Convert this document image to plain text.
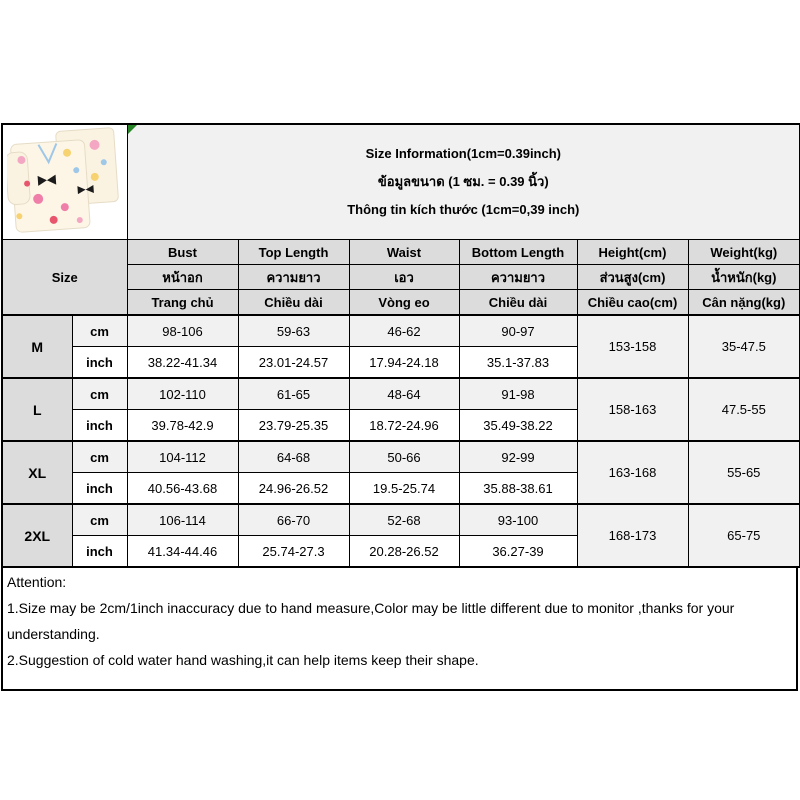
Size Information(1cm=0.39inch)
ข้อมูลขนาด (1 ซม. = 0.39 นิ้ว)
Thông tin kích thước (1cm=0,39 inch)					

Size		Bust	Top Length	Waist	Bottom Length	Height(cm)	Weight(kg)
		หน้าอก	ความยาว	เอว	ความยาว	ส่วนสูง(cm)	น้ำหนัก(kg)
		Trang chủ	Chiều dài	Vòng eo	Chiều dài	Chiều cao(cm)	Cân nặng(kg)
M	cm	98-106	59-63	46-62	90-97	153-158	35-47.5
	inch	38.22-41.34	23.01-24.57	17.94-24.18	35.1-37.83		
L	cm	102-110	61-65	48-64	91-98	158-163	47.5-55
	inch	39.78-42.9	23.79-25.35	18.72-24.96	35.49-38.22		
XL	cm	104-112	64-68	50-66	92-99	163-168	55-65
	inch	40.56-43.68	24.96-26.52	19.5-25.74	35.88-38.61		
2XL	cm	106-114	66-70	52-68	93-100	168-173	65-75
	inch	41.34-44.46	25.74-27.3	20.28-26.52	36.27-39		
Attention:
1.Size may be 2cm/1inch inaccuracy due to hand measure,Color may be little different due to monitor ,thanks for your understanding.
2.Suggestion of cold water hand washing,it can help items keep their shape.
